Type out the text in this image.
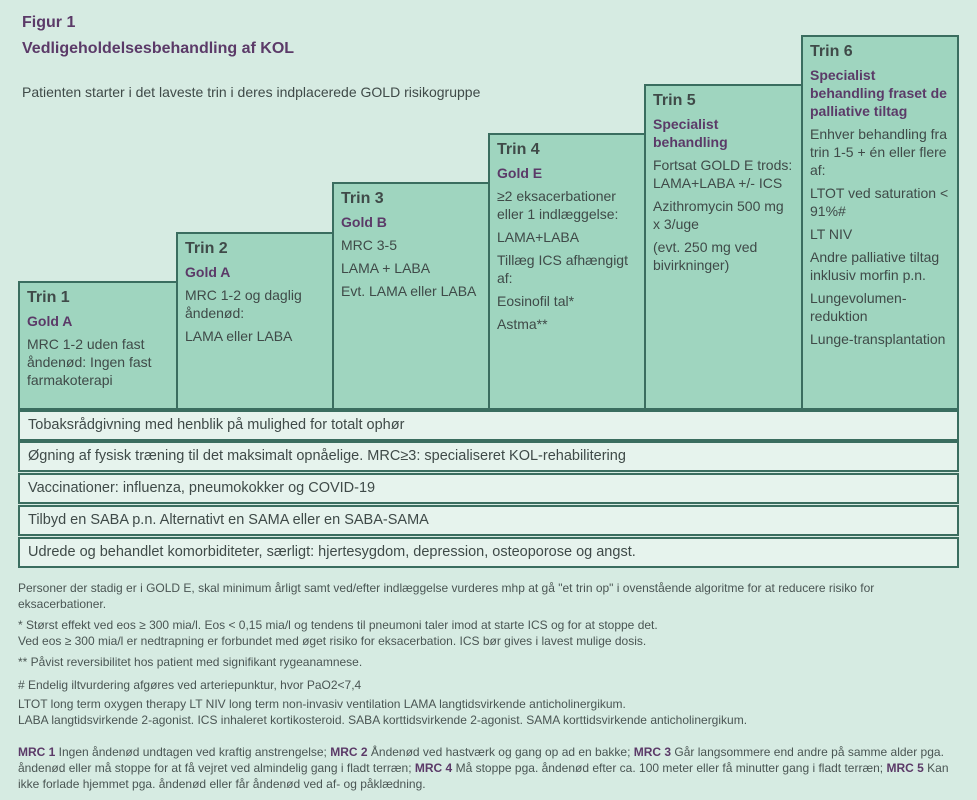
Figur 1
Vedligeholdelsesbehandling af KOL
Patienten starter i det laveste trin i deres indplacerede GOLD risikogruppe
Trin 1
Gold A
MRC 1-2 uden fast åndenød: Ingen fast farmakoterapi
Trin 2
Gold A
MRC 1-2 og daglig åndenød:
LAMA eller LABA
Trin 3
Gold B
MRC 3-5
LAMA + LABA
Evt. LAMA eller LABA
Trin 4
Gold E
≥2 eksacerbationer eller 1 indlæggelse:
LAMA+LABA
Tillæg ICS afhængigt af:
Eosinofil tal*
Astma**
Trin 5
Specialist behandling
Fortsat GOLD E trods: LAMA+LABA +/- ICS
Azithromycin 500 mg x 3/uge
(evt. 250 mg ved bivirkninger)
Trin 6
Specialist behandling fraset de palliative tiltag
Enhver behandling fra trin 1-5 + én eller flere af:
LTOT ved saturation < 91%#
LT NIV
Andre palliative tiltag inklusiv morfin p.n.
Lungevolumen-reduktion
Lunge-transplantation
Tobaksrådgivning med henblik på mulighed for totalt ophør
Øgning af fysisk træning til det maksimalt opnåelige. MRC≥3: specialiseret KOL-rehabilitering
Vaccinationer: influenza, pneumokokker og COVID-19
Tilbyd en SABA p.n. Alternativt en SAMA eller en SABA-SAMA
Udrede og behandlet komorbiditeter, særligt: hjertesygdom, depression, osteoporose og angst.
Personer der stadig er i GOLD E, skal minimum årligt samt ved/efter indlæggelse vurderes mhp at gå "et trin op" i ovenstående algoritme for at reducere risiko for eksacerbationer.
* Størst effekt ved eos ≥ 300 mia/l. Eos < 0,15 mia/l og tendens til pneumoni taler imod at starte ICS og for at stoppe det.
Ved eos ≥ 300 mia/l er nedtrapning er forbundet med øget risiko for eksacerbation. ICS bør gives i lavest mulige dosis.
** Påvist reversibilitet hos patient med signifikant rygeanamnese.
# Endelig iltvurdering afgøres ved arteriepunktur, hvor PaO2<7,4
LTOT long term oxygen therapy LT NIV long term non-invasiv ventilation LAMA langtidsvirkende anticholinergikum.
LABA langtidsvirkende 2-agonist. ICS inhaleret kortikosteroid. SABA korttidsvirkende 2-agonist. SAMA korttidsvirkende anticholinergikum.
MRC 1 Ingen åndenød undtagen ved kraftig anstrengelse; MRC 2 Åndenød ved hastværk og gang op ad en bakke; MRC 3 Går langsommere end andre på samme alder pga. åndenød eller må stoppe for at få vejret ved almindelig gang i fladt terræn; MRC 4 Må stoppe pga. åndenød efter ca. 100 meter eller få minutter gang i fladt terræn; MRC 5 Kan ikke forlade hjemmet pga. åndenød eller får åndenød ved af- og påklædning.
